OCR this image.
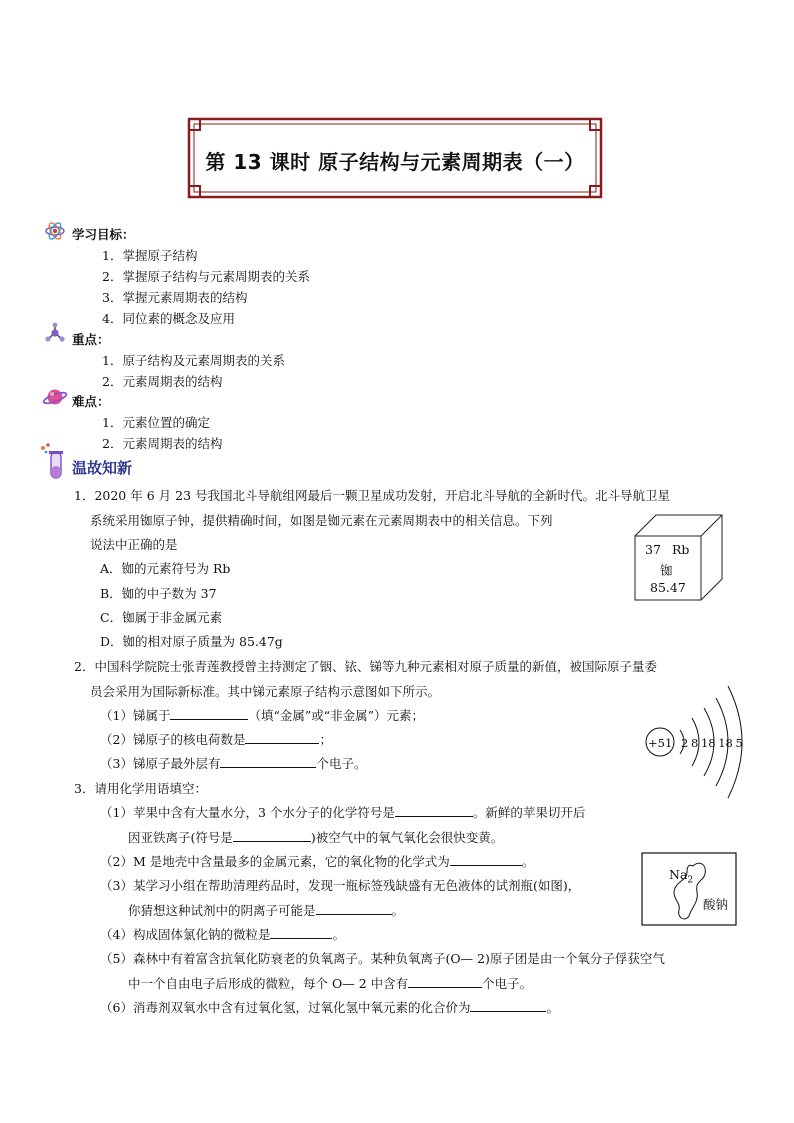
第 13 课时 原子结构与元素周期表（一）
学习目标：
1．掌握原子结构
2．掌握原子结构与元素周期表的关系
3．掌握元素周期表的结构
4．同位素的概念及应用
重点：
1．原子结构及元素周期表的关系
2．元素周期表的结构
难点：
1．元素位置的确定
2．元素周期表的结构
温故知新
1．2020 年 6 月 23 号我国北斗导航组网最后一颗卫星成功发射，开启北斗导航的全新时代。北斗导航卫星
系统采用铷原子钟，提供精确时间，如图是铷元素在元素周期表中的相关信息。下列
说法中正确的是
A．铷的元素符号为 Rb
B．铷的中子数为 37
C．铷属于非金属元素
D．铷的相对原子质量为 85.47g
37 Rb
铷
85.47
2．中国科学院院士张青莲教授曾主持测定了铟、铱、锑等九种元素相对原子质量的新值，被国际原子量委
员会采用为国际新标准。其中锑元素原子结构示意图如下所示。
（1）锑属于	（填“金属”或“非金属”）元素；
（2）锑原子的核电荷数是	；
（3）锑原子最外层有	个电子。
+51 2 8 18 18 5
3．请用化学用语填空：
（1）苹果中含有大量水分，3 个水分子的化学符号是	。新鲜的苹果切开后
因亚铁离子(符号是	)被空气中的氧气氧化会很快变黄。
（2）M 是地壳中含量最多的金属元素，它的氧化物的化学式为	。
（3）某学习小组在帮助清理药品时，发现一瓶标签残缺盛有无色液体的试剂瓶(如图)，
你猜想这种试剂中的阴离子可能是	。
（4）构成固体氯化钠的微粒是	。
（5）森林中有着富含抗氧化防衰老的负氧离子。某种负氧离子(O— 2)原子团是由一个氧分子俘获空气
中一个自由电子后形成的微粒，每个 O— 2 中含有	个电子。
（6）消毒剂双氧水中含有过氧化氢，过氧化氢中氧元素的化合价为	。
$Na_2$
酸钠
